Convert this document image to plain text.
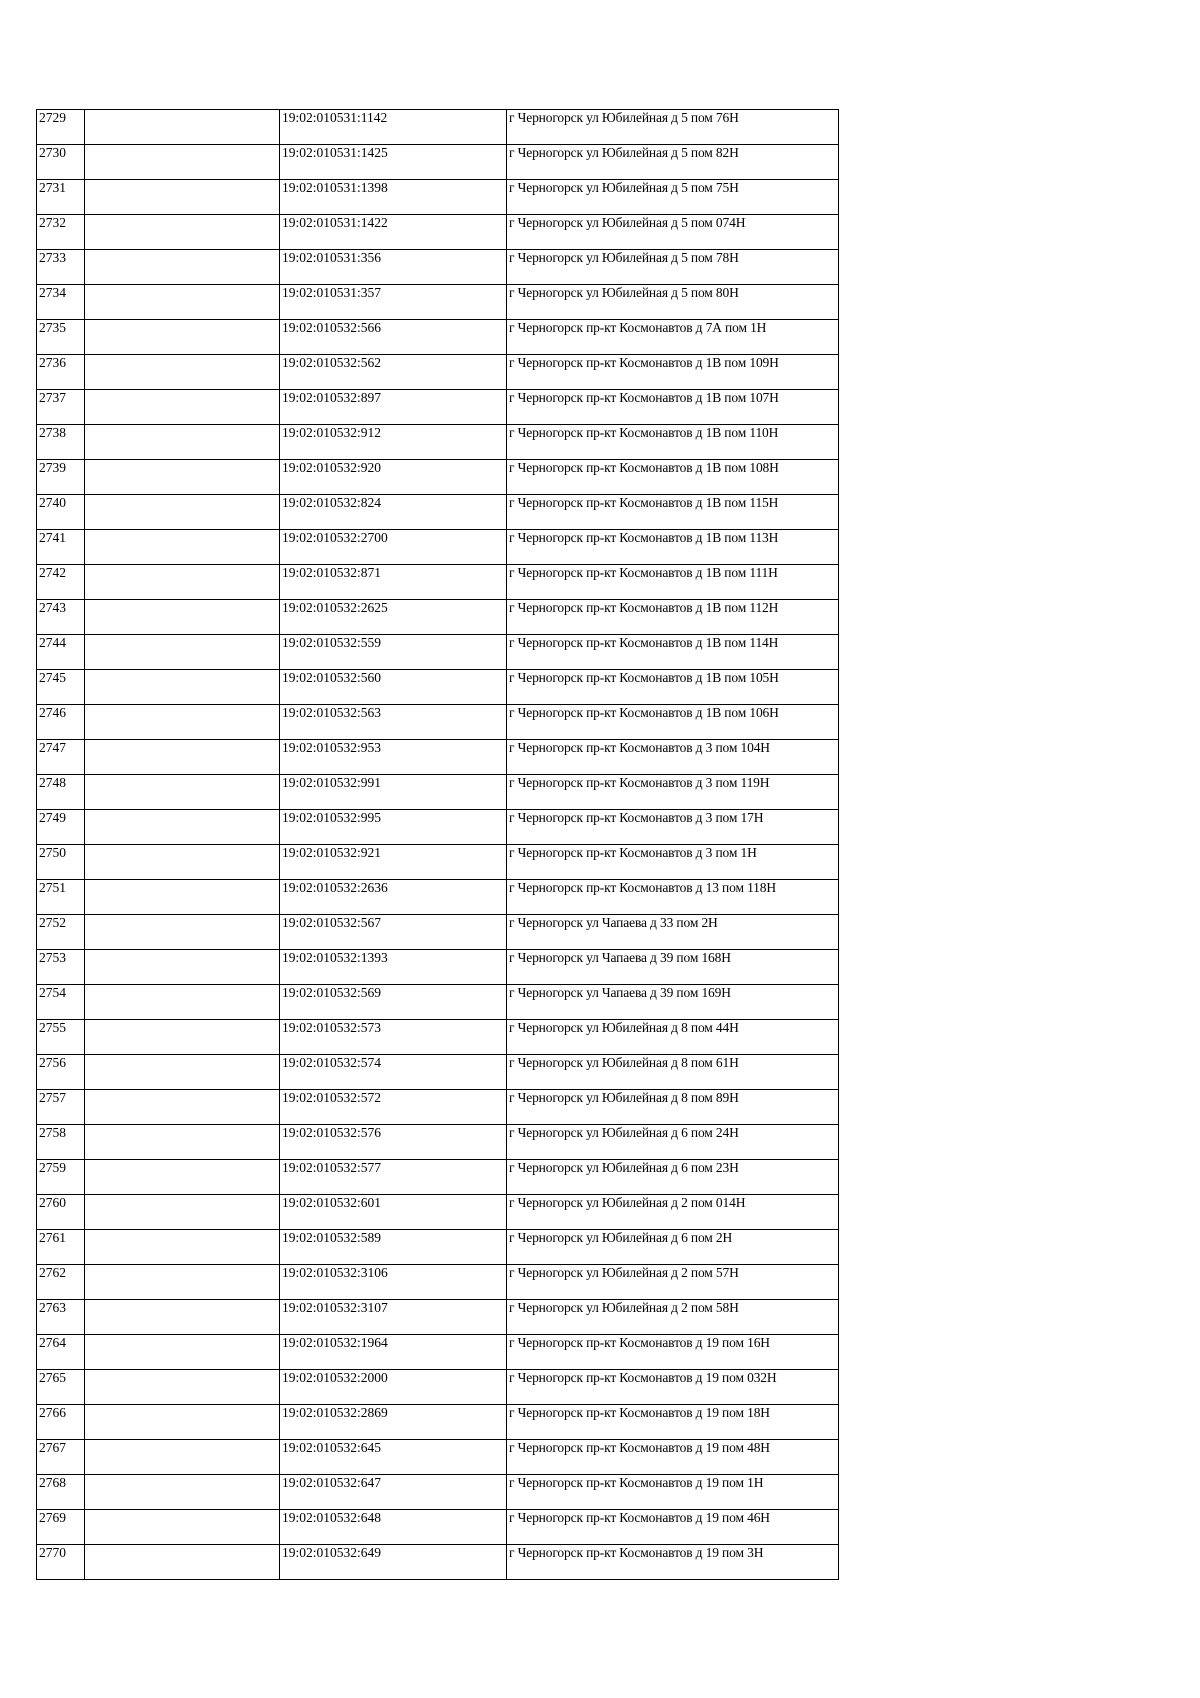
2729		19:02:010531:1142	г Черногорск ул Юбилейная д 5 пом 76Н
2730		19:02:010531:1425	г Черногорск ул Юбилейная д 5 пом 82Н
2731		19:02:010531:1398	г Черногорск ул Юбилейная д 5 пом 75Н
2732		19:02:010531:1422	г Черногорск ул Юбилейная д 5 пом 074Н
2733		19:02:010531:356	г Черногорск ул Юбилейная д 5 пом 78Н
2734		19:02:010531:357	г Черногорск ул Юбилейная д 5 пом 80Н
2735		19:02:010532:566	г Черногорск пр-кт Космонавтов д 7А пом 1Н
2736		19:02:010532:562	г Черногорск пр-кт Космонавтов д 1В пом 109Н
2737		19:02:010532:897	г Черногорск пр-кт Космонавтов д 1В пом 107Н
2738		19:02:010532:912	г Черногорск пр-кт Космонавтов д 1В пом 110Н
2739		19:02:010532:920	г Черногорск пр-кт Космонавтов д 1В пом 108Н
2740		19:02:010532:824	г Черногорск пр-кт Космонавтов д 1В пом 115Н
2741		19:02:010532:2700	г Черногорск пр-кт Космонавтов д 1В пом 113Н
2742		19:02:010532:871	г Черногорск пр-кт Космонавтов д 1В пом 111Н
2743		19:02:010532:2625	г Черногорск пр-кт Космонавтов д 1В пом 112Н
2744		19:02:010532:559	г Черногорск пр-кт Космонавтов д 1В пом 114Н
2745		19:02:010532:560	г Черногорск пр-кт Космонавтов д 1В пом 105Н
2746		19:02:010532:563	г Черногорск пр-кт Космонавтов д 1В пом 106Н
2747		19:02:010532:953	г Черногорск пр-кт Космонавтов д 3 пом 104Н
2748		19:02:010532:991	г Черногорск пр-кт Космонавтов д 3 пом 119Н
2749		19:02:010532:995	г Черногорск пр-кт Космонавтов д 3 пом 17Н
2750		19:02:010532:921	г Черногорск пр-кт Космонавтов д 3 пом 1Н
2751		19:02:010532:2636	г Черногорск пр-кт Космонавтов д 13 пом 118Н
2752		19:02:010532:567	г Черногорск ул Чапаева д 33 пом 2Н
2753		19:02:010532:1393	г Черногорск ул Чапаева д 39 пом 168Н
2754		19:02:010532:569	г Черногорск ул Чапаева д 39 пом 169Н
2755		19:02:010532:573	г Черногорск ул Юбилейная д 8 пом 44Н
2756		19:02:010532:574	г Черногорск ул Юбилейная д 8 пом 61Н
2757		19:02:010532:572	г Черногорск ул Юбилейная д 8 пом 89Н
2758		19:02:010532:576	г Черногорск ул Юбилейная д 6 пом 24Н
2759		19:02:010532:577	г Черногорск ул Юбилейная д 6 пом 23Н
2760		19:02:010532:601	г Черногорск ул Юбилейная д 2 пом 014Н
2761		19:02:010532:589	г Черногорск ул Юбилейная д 6 пом 2Н
2762		19:02:010532:3106	г Черногорск ул Юбилейная д 2 пом 57Н
2763		19:02:010532:3107	г Черногорск ул Юбилейная д 2 пом 58Н
2764		19:02:010532:1964	г Черногорск пр-кт Космонавтов д 19 пом 16Н
2765		19:02:010532:2000	г Черногорск пр-кт Космонавтов д 19 пом 032Н
2766		19:02:010532:2869	г Черногорск пр-кт Космонавтов д 19 пом 18Н
2767		19:02:010532:645	г Черногорск пр-кт Космонавтов д 19 пом 48Н
2768		19:02:010532:647	г Черногорск пр-кт Космонавтов д 19 пом 1Н
2769		19:02:010532:648	г Черногорск пр-кт Космонавтов д 19 пом 46Н
2770		19:02:010532:649	г Черногорск пр-кт Космонавтов д 19 пом 3Н
